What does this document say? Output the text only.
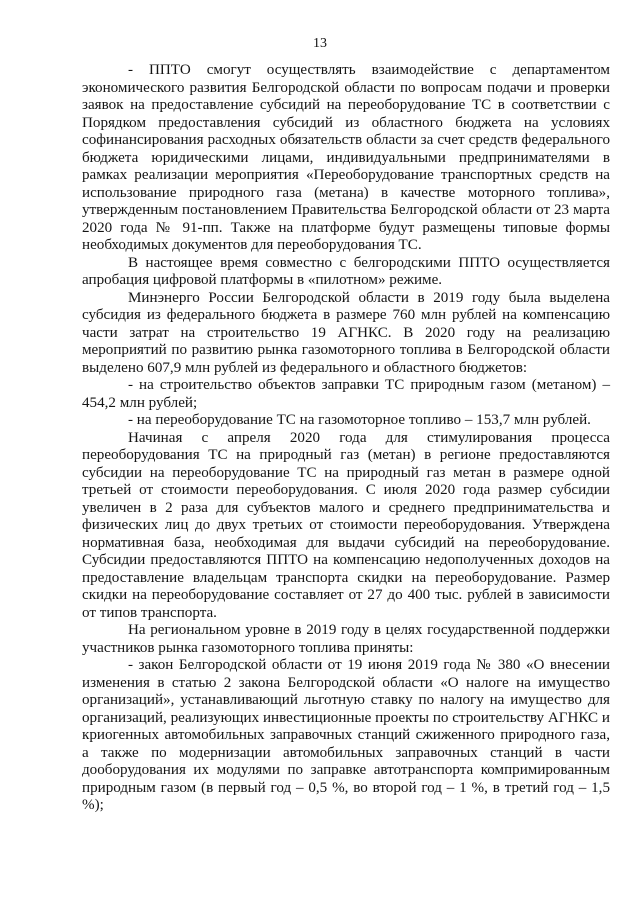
13

- ППТО смогут осуществлять взаимодействие с департаментом экономического развития Белгородской области по вопросам подачи и проверки заявок на предоставление субсидий на переоборудование ТС в соответствии с Порядком предоставления субсидий из областного бюджета на условиях софинансирования расходных обязательств области за счет средств федерального бюджета юридическими лицами, индивидуальными предпринимателями в рамках реализации мероприятия «Переоборудование транспортных средств на использование природного газа (метана) в качестве моторного топлива», утвержденным постановлением Правительства Белгородской области от 23 марта 2020 года № 91-пп. Также на платформе будут размещены типовые формы необходимых документов для переоборудования ТС.

В настоящее время совместно с белгородскими ППТО осуществляется апробация цифровой платформы в «пилотном» режиме.

Минэнерго России Белгородской области в 2019 году была выделена субсидия из федерального бюджета в размере 760 млн рублей на компенсацию части затрат на строительство 19 АГНКС. В 2020 году на реализацию мероприятий по развитию рынка газомоторного топлива в Белгородской области выделено 607,9 млн рублей из федерального и областного бюджетов:

- на строительство объектов заправки ТС природным газом (метаном) – 454,2 млн рублей;

- на переоборудование ТС на газомоторное топливо – 153,7 млн рублей.

Начиная с апреля 2020 года для стимулирования процесса переоборудования ТС на природный газ (метан) в регионе предоставляются субсидии на переоборудование ТС на природный газ метан в размере одной третьей от стоимости переоборудования. С июля 2020 года размер субсидии увеличен в 2 раза для субъектов малого и среднего предпринимательства и физических лиц до двух третьих от стоимости переоборудования. Утверждена нормативная база, необходимая для выдачи субсидий на переоборудование. Субсидии предоставляются ППТО на компенсацию недополученных доходов на предоставление владельцам транспорта скидки на переоборудование. Размер скидки на переоборудование составляет от 27 до 400 тыс. рублей в зависимости от типов транспорта.

На региональном уровне в 2019 году в целях государственной поддержки участников рынка газомоторного топлива приняты:

- закон Белгородской области от 19 июня 2019 года № 380 «О внесении изменения в статью 2 закона Белгородской области «О налоге на имущество организаций», устанавливающий льготную ставку по налогу на имущество для организаций, реализующих инвестиционные проекты по строительству АГНКС и криогенных автомобильных заправочных станций сжиженного природного газа, а также по модернизации автомобильных заправочных станций в части дооборудования их модулями по заправке автотранспорта компримированным природным газом (в первый год – 0,5 %, во второй год – 1 %, в третий год – 1,5 %);
